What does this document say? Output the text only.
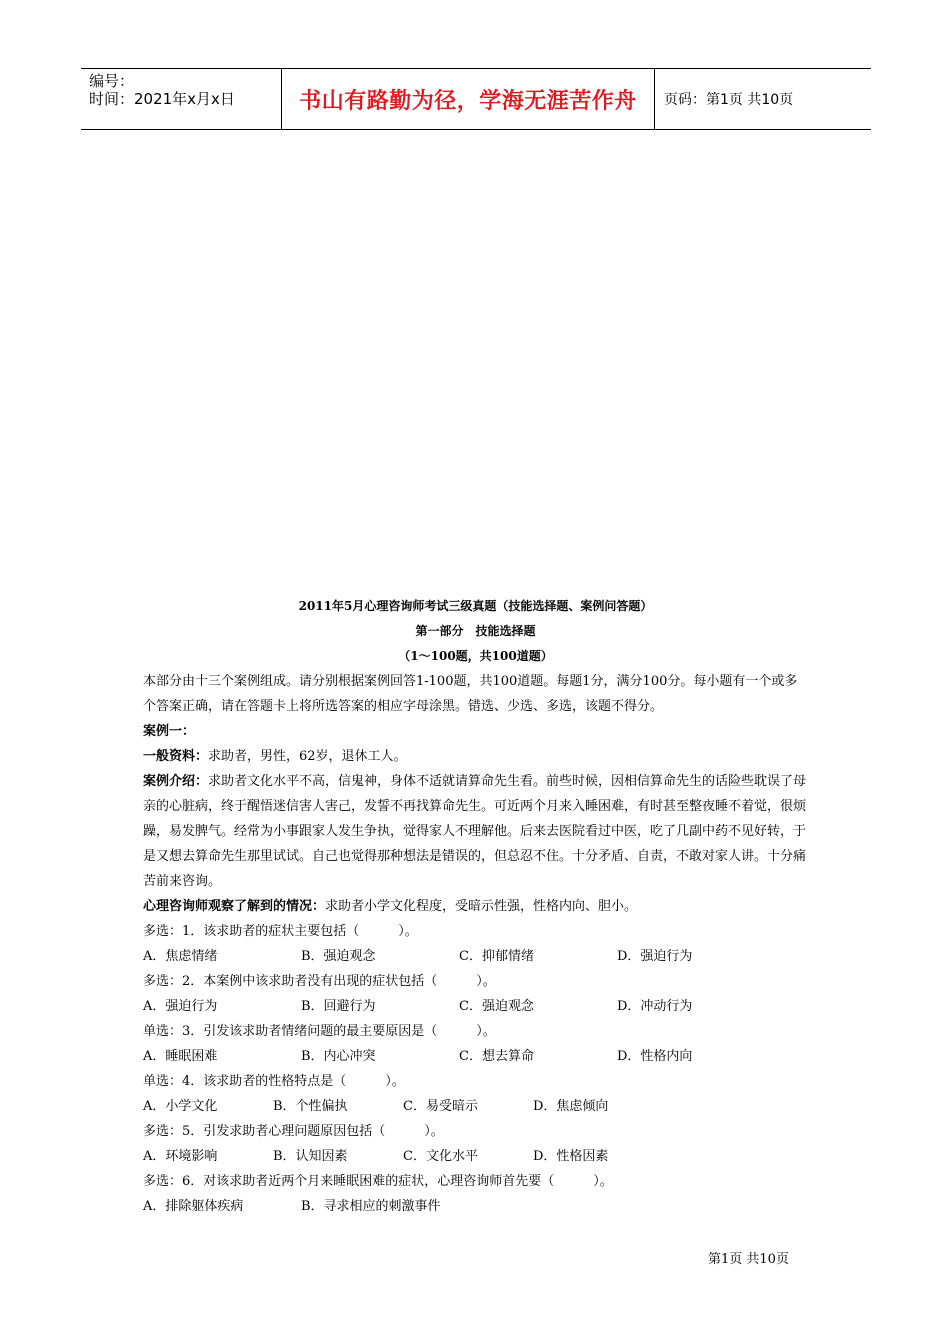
编号：
时间：2021年x月x日	书山有路勤为径，学海无涯苦作舟	页码：第1页 共10页
2011年5月心理咨询师考试三级真题（技能选择题、案例问答题）
第一部分　技能选择题
（1～100题，共100道题）

本部分由十三个案例组成。请分别根据案例回答1-100题，共100道题。每题1分，满分100分。每小题有一个或多个答案正确，请在答题卡上将所选答案的相应字母涂黑。错选、少选、多选，该题不得分。

案例一：

一般资料：求助者，男性，62岁，退休工人。

案例介绍：求助者文化水平不高，信鬼神，身体不适就请算命先生看。前些时候，因相信算命先生的话险些耽误了母亲的心脏病，终于醒悟迷信害人害己，发誓不再找算命先生。可近两个月来入睡困难，有时甚至整夜睡不着觉，很烦躁，易发脾气。经常为小事跟家人发生争执，觉得家人不理解他。后来去医院看过中医，吃了几副中药不见好转，于是又想去算命先生那里试试。自己也觉得那种想法是错误的，但总忍不住。十分矛盾、自责，不敢对家人讲。十分痛苦前来咨询。

心理咨询师观察了解到的情况：求助者小学文化程度，受暗示性强，性格内向、胆小。

多选：1．该求助者的症状主要包括（　　　）。

A．焦虑情绪	B．强迫观念	C．抑郁情绪	D．强迫行为

多选：2．本案例中该求助者没有出现的症状包括（　　　）。

A．强迫行为	B．回避行为	C．强迫观念	D．冲动行为

单选：3．引发该求助者情绪问题的最主要原因是（　　　）。

A．睡眠困难	B．内心冲突	C．想去算命	D．性格内向

单选：4．该求助者的性格特点是（　　　）。

A．小学文化	B．个性偏执	C．易受暗示	D．焦虑倾向

多选：5．引发求助者心理问题原因包括（　　　）。

A．环境影响	B．认知因素	C．文化水平	D．性格因素

多选：6．对该求助者近两个月来睡眠困难的症状，心理咨询师首先要（　　　）。

A．排除躯体疾病	B．寻求相应的刺激事件
第1页 共10页
